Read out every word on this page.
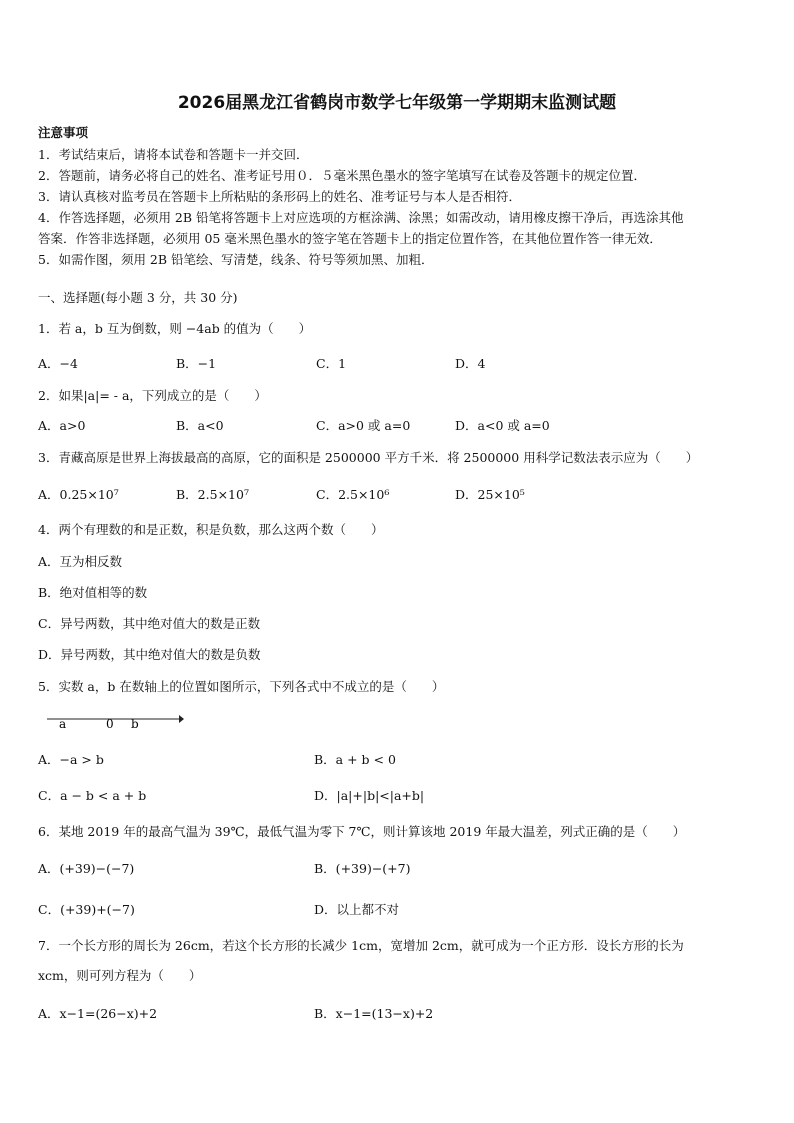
2026届黑龙江省鹤岗市数学七年级第一学期期末监测试题
注意事项
1．考试结束后，请将本试卷和答题卡一并交回．
2．答题前，请务必将自己的姓名、准考证号用０．５毫米黑色墨水的签字笔填写在试卷及答题卡的规定位置．
3．请认真核对监考员在答题卡上所粘贴的条形码上的姓名、准考证号与本人是否相符．
4．作答选择题，必须用 2B 铅笔将答题卡上对应选项的方框涂满、涂黑；如需改动，请用橡皮擦干净后，再选涂其他
答案．作答非选择题，必须用 05 毫米黑色墨水的签字笔在答题卡上的指定位置作答，在其他位置作答一律无效．
5．如需作图，须用 2B 铅笔绘、写清楚，线条、符号等须加黑、加粗．
一、选择题(每小题 3 分，共 30 分)
1．若 a，b 互为倒数，则 −4ab 的值为（　　）
A．−4	B．−1	C．1	D．4
2．如果|a|= - a，下列成立的是（　　）
A．a>0	B．a<0	C．a>0 或 a=0	D．a<0 或 a=0
3．青藏高原是世界上海拔最高的高原，它的面积是 2500000 平方千米．将 2500000 用科学记数法表示应为（　　）
A．0.25×10⁷	B．2.5×10⁷	C．2.5×10⁶	D．25×10⁵
4．两个有理数的和是正数，积是负数，那么这两个数（　　）
A．互为相反数
B．绝对值相等的数
C．异号两数，其中绝对值大的数是正数
D．异号两数，其中绝对值大的数是负数
5．实数 a，b 在数轴上的位置如图所示，下列各式中不成立的是（　　）
a	0 b
A．−a > b	B．a + b < 0
C．a − b < a + b	D．|a|+|b|<|a+b|
6．某地 2019 年的最高气温为 39℃，最低气温为零下 7℃，则计算该地 2019 年最大温差，列式正确的是（　　）
A．(+39)−(−7)	B．(+39)−(+7)
C．(+39)+(−7)	D．以上都不对
7．一个长方形的周长为 26cm，若这个长方形的长减少 1cm，宽增加 2cm，就可成为一个正方形．设长方形的长为
xcm，则可列方程为（　　）
A．x−1=(26−x)+2	B．x−1=(13−x)+2
